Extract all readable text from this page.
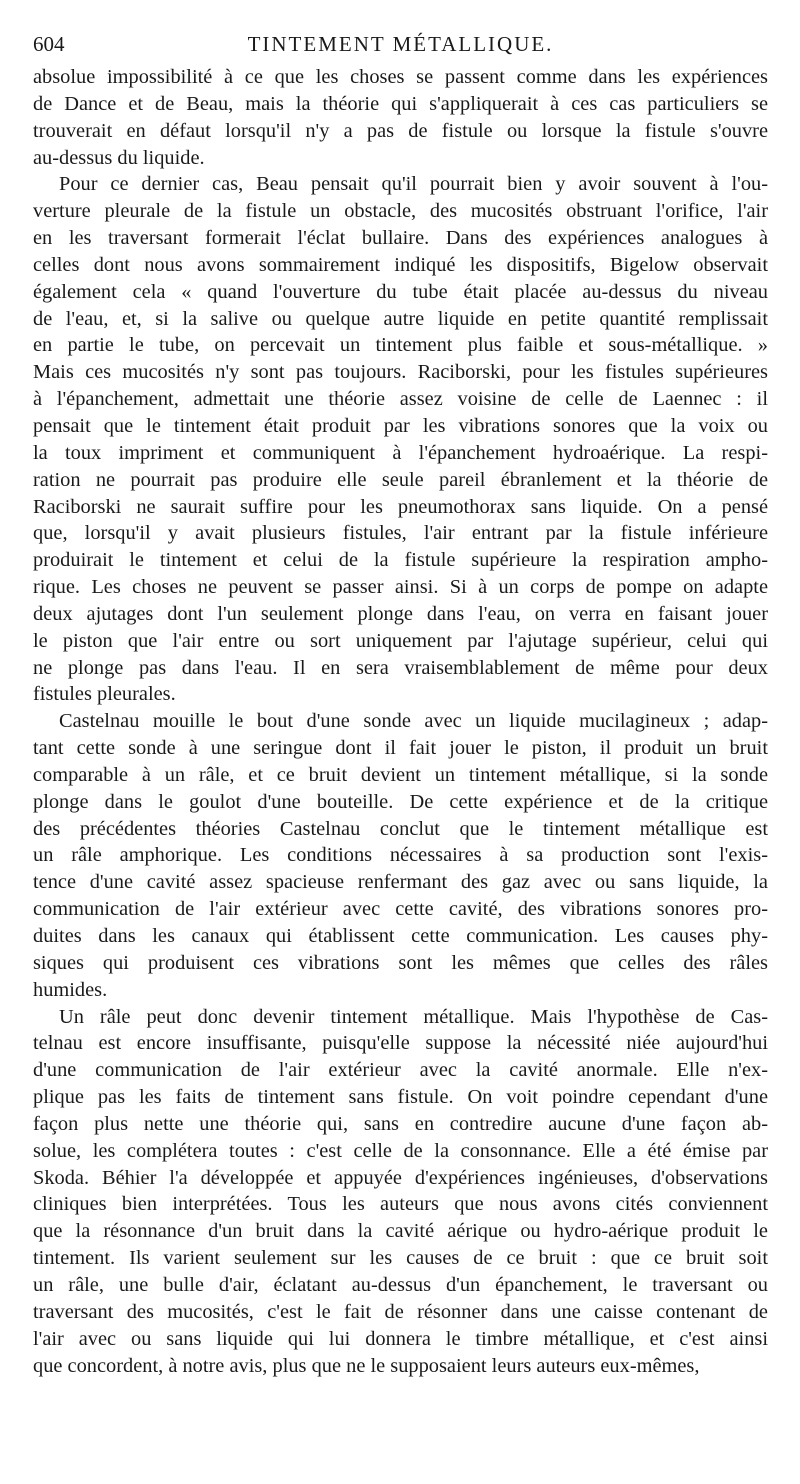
604	TINTEMENT MÉTALLIQUE.
absolue impossibilité à ce que les choses se passent comme dans les expériences
de Dance et de Beau, mais la théorie qui s'appliquerait à ces cas particuliers se
trouverait en défaut lorsqu'il n'y a pas de fistule ou lorsque la fistule s'ouvre
au-dessus du liquide.
Pour ce dernier cas, Beau pensait qu'il pourrait bien y avoir souvent à l'ou-
verture pleurale de la fistule un obstacle, des mucosités obstruant l'orifice, l'air
en les traversant formerait l'éclat bullaire. Dans des expériences analogues à
celles dont nous avons sommairement indiqué les dispositifs, Bigelow observait
également cela « quand l'ouverture du tube était placée au-dessus du niveau
de l'eau, et, si la salive ou quelque autre liquide en petite quantité remplissait
en partie le tube, on percevait un tintement plus faible et sous-métallique. »
Mais ces mucosités n'y sont pas toujours. Raciborski, pour les fistules supérieures
à l'épanchement, admettait une théorie assez voisine de celle de Laennec : il
pensait que le tintement était produit par les vibrations sonores que la voix ou
la toux impriment et communiquent à l'épanchement hydroaérique. La respi-
ration ne pourrait pas produire elle seule pareil ébranlement et la théorie de
Raciborski ne saurait suffire pour les pneumothorax sans liquide. On a pensé
que, lorsqu'il y avait plusieurs fistules, l'air entrant par la fistule inférieure
produirait le tintement et celui de la fistule supérieure la respiration ampho-
rique. Les choses ne peuvent se passer ainsi. Si à un corps de pompe on adapte
deux ajutages dont l'un seulement plonge dans l'eau, on verra en faisant jouer
le piston que l'air entre ou sort uniquement par l'ajutage supérieur, celui qui
ne plonge pas dans l'eau. Il en sera vraisemblablement de même pour deux
fistules pleurales.
Castelnau mouille le bout d'une sonde avec un liquide mucilagineux ; adap-
tant cette sonde à une seringue dont il fait jouer le piston, il produit un bruit
comparable à un râle, et ce bruit devient un tintement métallique, si la sonde
plonge dans le goulot d'une bouteille. De cette expérience et de la critique
des précédentes théories Castelnau conclut que le tintement métallique est
un râle amphorique. Les conditions nécessaires à sa production sont l'exis-
tence d'une cavité assez spacieuse renfermant des gaz avec ou sans liquide, la
communication de l'air extérieur avec cette cavité, des vibrations sonores pro-
duites dans les canaux qui établissent cette communication. Les causes phy-
siques qui produisent ces vibrations sont les mêmes que celles des râles
humides.
Un râle peut donc devenir tintement métallique. Mais l'hypothèse de Cas-
telnau est encore insuffisante, puisqu'elle suppose la nécessité niée aujourd'hui
d'une communication de l'air extérieur avec la cavité anormale. Elle n'ex-
plique pas les faits de tintement sans fistule. On voit poindre cependant d'une
façon plus nette une théorie qui, sans en contredire aucune d'une façon ab-
solue, les complétera toutes : c'est celle de la consonnance. Elle a été émise par
Skoda. Béhier l'a développée et appuyée d'expériences ingénieuses, d'observations
cliniques bien interprétées. Tous les auteurs que nous avons cités conviennent
que la résonnance d'un bruit dans la cavité aérique ou hydro-aérique produit le
tintement. Ils varient seulement sur les causes de ce bruit : que ce bruit soit
un râle, une bulle d'air, éclatant au-dessus d'un épanchement, le traversant ou
traversant des mucosités, c'est le fait de résonner dans une caisse contenant de
l'air avec ou sans liquide qui lui donnera le timbre métallique, et c'est ainsi
que concordent, à notre avis, plus que ne le supposaient leurs auteurs eux-mêmes,
